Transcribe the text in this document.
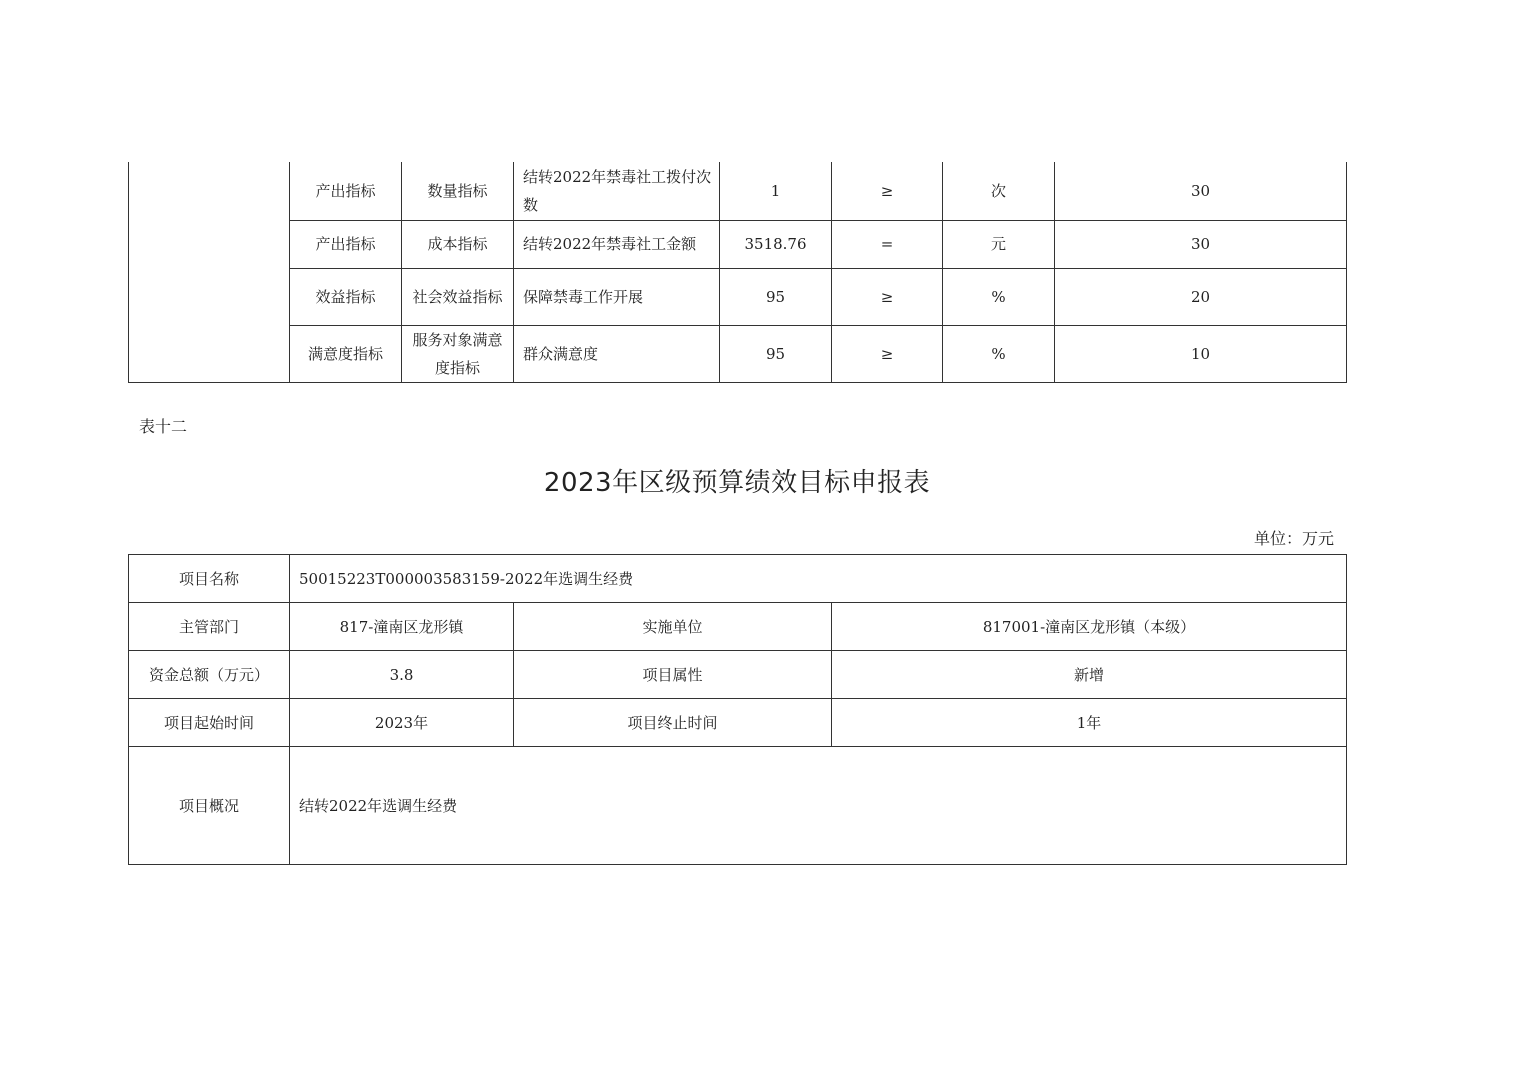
	产出指标	数量指标	结转2022年禁毒社工拨付次数	1	≥	次	30
	产出指标	成本指标	结转2022年禁毒社工金额	3518.76	=	元	30
	效益指标	社会效益指标	保障禁毒工作开展	95	≥	%	20
	满意度指标	服务对象满意度指标	群众满意度	95	≥	%	10
表十二
2023年区级预算绩效目标申报表
单位：万元
项目名称	50015223T000003583159-2022年选调生经费		
主管部门	817-潼南区龙形镇	实施单位	817001-潼南区龙形镇（本级）
资金总额（万元）	3.8	项目属性	新增
项目起始时间	2023年	项目终止时间	1年
项目概况	结转2022年选调生经费		
